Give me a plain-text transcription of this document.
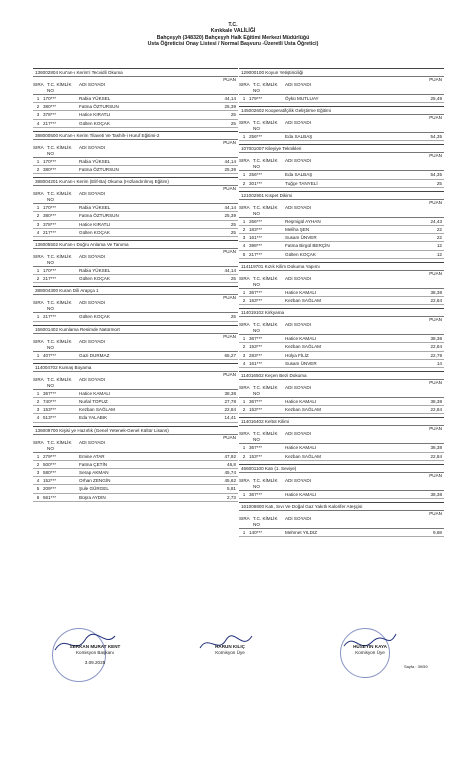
T.C.
Kırıkkale VALİLİĞİ
Bahçeşyh (348320) Bahçeşyh Halk Eğitimi Merkezi Müdürlüğü
Usta Öğreticisi Onay Listesi / Normal Başvuru -Üzeretli Usta Öğretici)
136002804 Kur'an-ı Kerim'i Tecvidli Okuma
PUAN
SIRA T.C. KİMLİK NO
ADI SOYADI
1 170***	Rabia YÜKSEL	44,14
2 380***	Fatma ÖZTURSUN	25,39
3 378***	Hatice KIRATLI	25
4 217***	Gülten KOÇAK	25
388000500 Kur'an-ı Kerim Tilaveti Ve Tashih-i Huruf Eğitimi-2
PUAN
SIRA T.C. KİMLİK NO
ADI SOYADI
1 170***	Rabia YÜKSEL	44,14
2 380***	Fatma ÖZTURSUN	25,39
388004201 Kur'an-ı Kerim (Elif-Ba) Okuma (Hızlandırılmış Eğitim)
PUAN
SIRA T.C. KİMLİK NO
ADI SOYADI
1 170***	Rabia YÜKSEL	44,14
2 380***	Fatma ÖZTURSUN	25,39
3 378***	Hatice KIRATLI	25
4 217***	Gülten KOÇAK	25
136005502 Kur'an-ı Doğru Anlama Ve Tanıma
PUAN
SIRA T.C. KİMLİK NO
ADI SOYADI
1 170***	Rabia YÜKSEL	44,14
2 217***	Gülten KOÇAK	25
388004300 Kuran Dili Arapça 1
PUAN
SIRA T.C. KİMLİK NO
ADI SOYADI
1 217***	Gülten KOÇAK	25
156001402 Kumlama Resimde Natürmort
PUAN
SIRA T.C. KİMLİK NO
ADI SOYADI
1 407***	Gazi DURMAZ	65,27
114004702 Kumaş Boyama
PUAN
SIRA T.C. KİMLİK NO
ADI SOYADI
1 367***	Hatice KAMALI	38,38
2 740***	Nurlal TOPUZ	27,78
3 153***	Kezban SAĞLAM	22,84
4 513***	Eda YALABIK	14,41
136009700 Kişisi ye Hazırlık (Genel Yetenek-Genel Kültür Lisans)
PUAN
SIRA T.C. KİMLİK NO
ADI SOYADI
1 279***	Emine ATAR	47,92
2 500***	Fatma ÇETİN	46,8
3 580***	Serap AKMAN	45,74
4 152***	Orhan ZENGİN	45,62
5 209***	Şule GÜRGEL	5,81
6 561***	Büşra AYDIN	2,73
129000100 Koyun Yetiştiriciliği
PUAN
SIRA T.C. KİMLİK NO
ADI SOYADI
1 179***	Öykü MUTLUAY	25,49
145002602 Kooperatifçilik Geliştirme Eğitimi
PUAN
SIRA T.C. KİMLİK NO
ADI SOYADI
1 256***	Eda SALBAŞ	54,35
107001007 Kileyiye Teknikleri
PUAN
SIRA T.C. KİMLİK NO
ADI SOYADI
1 256***	Eda SALBAŞ	54,35
2 301***	Tuğçe TANYELİ	25
121002901 Kıspet Dikimi
PUAN
SIRA T.C. KİMLİK NO
ADI SOYADI
1 266***	Reşmigül AYHAN	24,43
2 183***	Meliha ŞEN	22
3 161***	Susam ÜNVER	22
4 398***	Fatma Birgül BERÇİN	12
5 217***	Gülten KOÇAK	12
114119701 Kızık Kilim Dokuma Yapımı
PUAN
SIRA T.C. KİMLİK NO
ADI SOYADI
1 367***	Hatice KAMALI	38,38
2 153***	Kezban SAĞLAM	22,84
114019102 Kirkyama
PUAN
SIRA T.C. KİMLİK NO
ADI SOYADI
1 367***	Hatice KAMALI	38,38
2 153***	Kezban SAĞLAM	22,84
3 283***	Hülya FİLİZ	22,79
4 161***	Susam ÜNVER	14
114016502 Keçen Bezi Dokuma
PUAN
SIRA T.C. KİMLİK NO
ADI SOYADI
1 367***	Hatice KAMALI	38,38
2 153***	Kezban SAĞLAM	22,84
114016402 Keltot Kilimi
PUAN
SIRA T.C. KİMLİK NO
ADI SOYADI
1 367***	Hatice KAMALI	38,38
2 153***	Kezban SAĞLAM	22,84
466001100 Katı (1. Seviye)
PUAN
SIRA T.C. KİMLİK NO
ADI SOYADI
1 367***	Hatice KAMALI	38,38
161006800 Katı, Sıvı Ve Doğal Gaz Yakıtlı Kalorifer Ateşçisi
PUAN
SIRA T.C. KİMLİK NO
ADI SOYADI
1 140***	Mehmet YILDIZ	9,68
SERKAN MURAT KENT
Komisyon Başkanı
3.09.2025
HARUN KILIÇ
Komisyon Üye
HÜSEYİN KAYA
Komisyon Üye
Sayfa : 39/59
